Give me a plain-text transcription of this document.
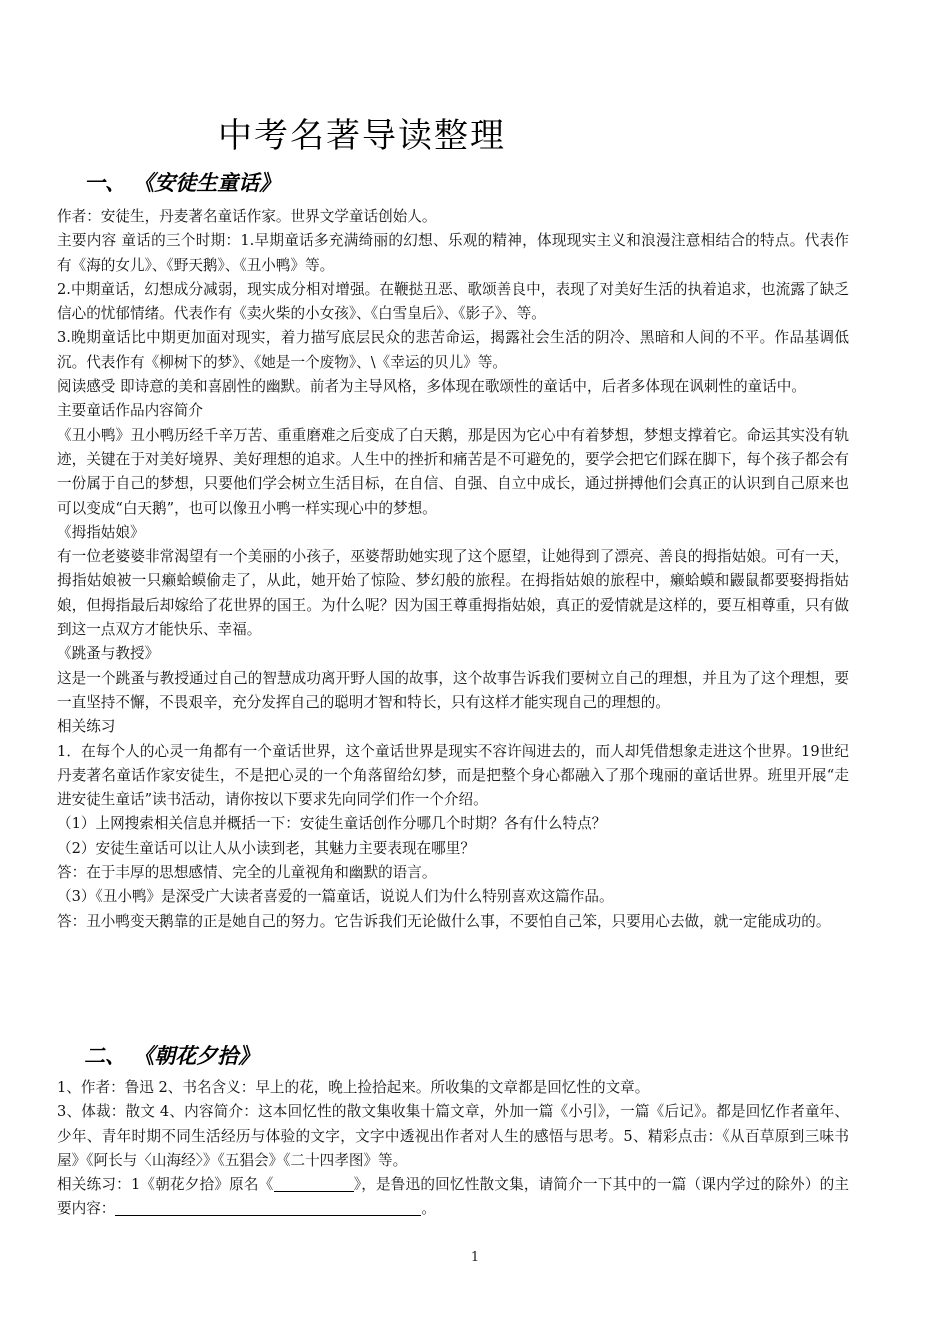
中考名著导读整理
一、 《安徒生童话》

作者：安徒生，丹麦著名童话作家。世界文学童话创始人。

主要内容 童话的三个时期：1.早期童话多充满绮丽的幻想、乐观的精神，体现现实主义和浪漫注意相结合的特点。代表作有《海的女儿》、《野天鹅》、《丑小鸭》等。

2.中期童话，幻想成分减弱，现实成分相对增强。在鞭挞丑恶、歌颂善良中，表现了对美好生活的执着追求，也流露了缺乏信心的忧郁情绪。代表作有《卖火柴的小女孩》、《白雪皇后》、《影子》、等。

3.晚期童话比中期更加面对现实，着力描写底层民众的悲苦命运，揭露社会生活的阴冷、黑暗和人间的不平。作品基调低沉。代表作有《柳树下的梦》、《她是一个废物》、\《幸运的贝儿》等。

阅读感受 即诗意的美和喜剧性的幽默。前者为主导风格，多体现在歌颂性的童话中，后者多体现在讽刺性的童话中。

主要童话作品内容简介

《丑小鸭》丑小鸭历经千辛万苦、重重磨难之后变成了白天鹅，那是因为它心中有着梦想，梦想支撑着它。命运其实没有轨迹，关键在于对美好境界、美好理想的追求。人生中的挫折和痛苦是不可避免的，要学会把它们踩在脚下，每个孩子都会有一份属于自己的梦想，只要他们学会树立生活目标，在自信、自强、自立中成长，通过拼搏他们会真正的认识到自己原来也可以变成“白天鹅”，也可以像丑小鸭一样实现心中的梦想。

《拇指姑娘》

有一位老婆婆非常渴望有一个美丽的小孩子，巫婆帮助她实现了这个愿望，让她得到了漂亮、善良的拇指姑娘。可有一天，拇指姑娘被一只癞蛤蟆偷走了，从此，她开始了惊险、梦幻般的旅程。在拇指姑娘的旅程中，癞蛤蟆和鼹鼠都要娶拇指姑娘，但拇指最后却嫁给了花世界的国王。为什么呢？因为国王尊重拇指姑娘，真正的爱情就是这样的，要互相尊重，只有做到这一点双方才能快乐、幸福。

《跳蚤与教授》

这是一个跳蚤与教授通过自己的智慧成功离开野人国的故事，这个故事告诉我们要树立自己的理想，并且为了这个理想，要一直坚持不懈，不畏艰辛，充分发挥自己的聪明才智和特长，只有这样才能实现自己的理想的。

相关练习

1．在每个人的心灵一角都有一个童话世界，这个童话世界是现实不容许闯进去的，而人却凭借想象走进这个世界。19世纪丹麦著名童话作家安徒生，不是把心灵的一个角落留给幻梦，而是把整个身心都融入了那个瑰丽的童话世界。班里开展“走进安徒生童话”读书活动，请你按以下要求先向同学们作一个介绍。

（1）上网搜索相关信息并概括一下：安徒生童话创作分哪几个时期？各有什么特点？

（2）安徒生童话可以让人从小读到老，其魅力主要表现在哪里？

答：在于丰厚的思想感情、完全的儿童视角和幽默的语言。

（3）《丑小鸭》是深受广大读者喜爱的一篇童话，说说人们为什么特别喜欢这篇作品。

答：丑小鸭变天鹅靠的正是她自己的努力。它告诉我们无论做什么事，不要怕自己笨，只要用心去做，就一定能成功的。

二、 《朝花夕拾》

1、作者：鲁迅 2、书名含义：早上的花，晚上捡拾起来。所收集的文章都是回忆性的文章。

3、体裁：散文 4、内容简介：这本回忆性的散文集收集十篇文章，外加一篇《小引》，一篇《后记》。都是回忆作者童年、少年、青年时期不同生活经历与体验的文字，文字中透视出作者对人生的感悟与思考。5、精彩点击：《从百草原到三味书屋》《阿长与〈山海经〉》《五猖会》《二十四孝图》等。

相关练习：1《朝花夕拾》原名《	》，是鲁迅的回忆性散文集，请简介一下其中的一篇（课内学过的除外）的主要内容：	。

1
